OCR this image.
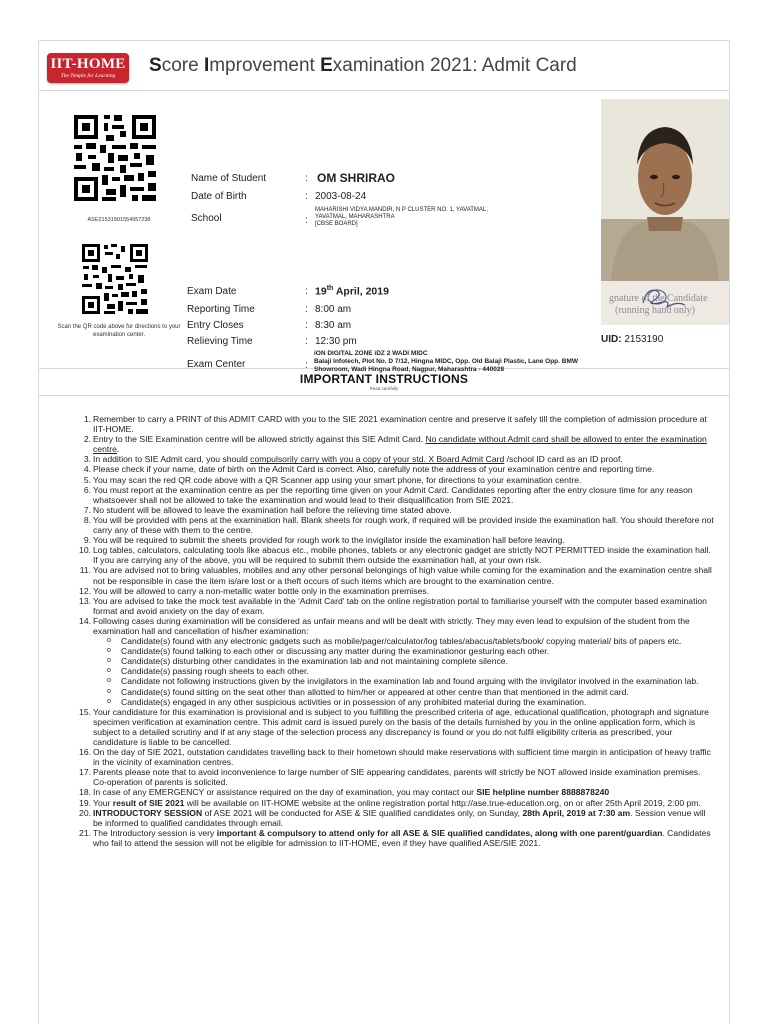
IIT-HOME
The Temple for Learning	Score Improvement Examination 2021: Admit Card
ASE21531901554957238
Scan the QR code above for directions to your examination center.
Name of Student	: OM SHRIRAO
Date of Birth	: 2003-08-24
School	:
MAHARISHI VIDYA MANDIR, N P CLUSTER NO. 1, YAVATMAL, YAVATMAL, MAHARASHTRA
[CBSE BOARD]
Exam Date	: 19th April, 2019
Reporting Time	: 8:00 am
Entry Closes	: 8:30 am
Relieving Time	: 12:30 pm
Exam Center	:
iON DIGITAL ZONE iDZ 2 WADI MIDC
Balaji Infotech, Plot No. D 7/12, Hingna MIDC, Opp. Old Balaji Plastic, Lane Opp. BMW Showroom, Wadi Hingna Road, Nagpur, Maharashtra - 440028
gnature of the Candidate
(running hand only)
UID: 2153190
IMPORTANT INSTRUCTIONS
Read carefully
1. Remember to carry a PRINT of this ADMIT CARD with you to the SIE 2021 examination centre and preserve it safely till the completion of admission procedure at IIT-HOME.
2. Entry to the SIE Examination centre will be allowed strictly against this SIE Admit Card. No candidate without Admit card shall be allowed to enter the examination centre.
3. In addition to SIE Admit card, you should compulsorily carry with you a copy of your std. X Board Admit Card /school ID card as an ID proof.
4. Please check if your name, date of birth on the Admit Card is correct. Also, carefully note the address of your examination centre and reporting time.
5. You may scan the red QR code above with a QR Scanner app using your smart phone, for directions to your examination centre.
6. You must report at the examination centre as per the reporting time given on your Admit Card. Candidates reporting after the entry closure time for any reason whatsoever shall not be allowed to take the examination and would lead to their disqualification from SIE 2021.
7. No student will be allowed to leave the examination hall before the relieving time stated above.
8. You will be provided with pens at the examination hall. Blank sheets for rough work, if required will be provided inside the examination hall. You should therefore not carry any of these with them to the centre.
9. You will be required to submit the sheets provided for rough work to the invigilator inside the examination hall before leaving.
10. Log tables, calculators, calculating tools like abacus etc., mobile phones, tablets or any electronic gadget are strictly NOT PERMITTED inside the examination hall. If you are carrying any of the above, you will be required to submit them outside the examination hall, at your own risk.
11. You are advised not to bring valuables, mobiles and any other personal belongings of high value while coming for the examination and the examination centre shall not be responsible in case the item is/are lost or a theft occurs of such items which are brought to the examination centre.
12. You will be allowed to carry a non-metallic water bottle only in the examination premises.
13. You are advised to take the mock test available in the 'Admit Card' tab on the online registration portal to familiarise yourself with the computer based examination format and avoid anxiety on the day of exam.
14. Following cases during examination will be considered as unfair means and will be dealt with strictly. They may even lead to expulsion of the student from the examination hall and cancellation of his/her examination:
o Candidate(s) found with any electronic gadgets such as mobile/pager/calculator/log tables/abacus/tablets/book/ copying material/ bits of papers etc.
o Candidate(s) found talking to each other or discussing any matter during the examinationor gesturing each other.
o Candidate(s) disturbing other candidates in the examination lab and not maintaining complete silence.
o Candidate(s) passing rough sheets to each other.
o Candidate not following instructions given by the invigilators in the examination lab and found arguing with the invigilator involved in the examination lab.
o Candidate(s) found sitting on the seat other than allotted to him/her or appeared at other centre than that mentioned in the admit card.
o Candidate(s) engaged in any other suspicious activities or in possession of any prohibited material during the examination.
15. Your candidature for this examination is provisional and is subject to you fulfilling the prescribed criteria of age, educational qualification, photograph and signature specimen verification at examination centre. This admit card is issued purely on the basis of the details furnished by you in the online application form, which is subject to a detailed scrutiny and if at any stage of the selection process any discrepancy is found or you do not fulfil eligibility criteria as prescribed, your candidature is liable to be cancelled.
16. On the day of SIE 2021, outstation candidates travelling back to their hometown should make reservations with sufficient time margin in anticipation of heavy traffic in the vicinity of examination centres.
17. Parents please note that to avoid inconvenience to large number of SIE appearing candidates, parents will strictly be NOT allowed inside examination premises. Co-operation of parents is solicited.
18. In case of any EMERGENCY or assistance required on the day of examination, you may contact our SIE helpline number 8888878240
19. Your result of SIE 2021 will be available on IIT-HOME website at the online registration portal http://ase.true-education.org, on or after 25th April 2019, 2:00 pm.
20. INTRODUCTORY SESSION of ASE 2021 will be conducted for ASE & SIE qualified candidates only, on Sunday, 28th April, 2019 at 7:30 am. Session venue will be informed to qualified candidates through email.
21. The Introductory session is very important & compulsory to attend only for all ASE & SIE qualified candidates, along with one parent/guardian. Candidates who fail to attend the session will not be eligible for admission to IIT-HOME, even if they have qualified ASE/SIE 2021.
